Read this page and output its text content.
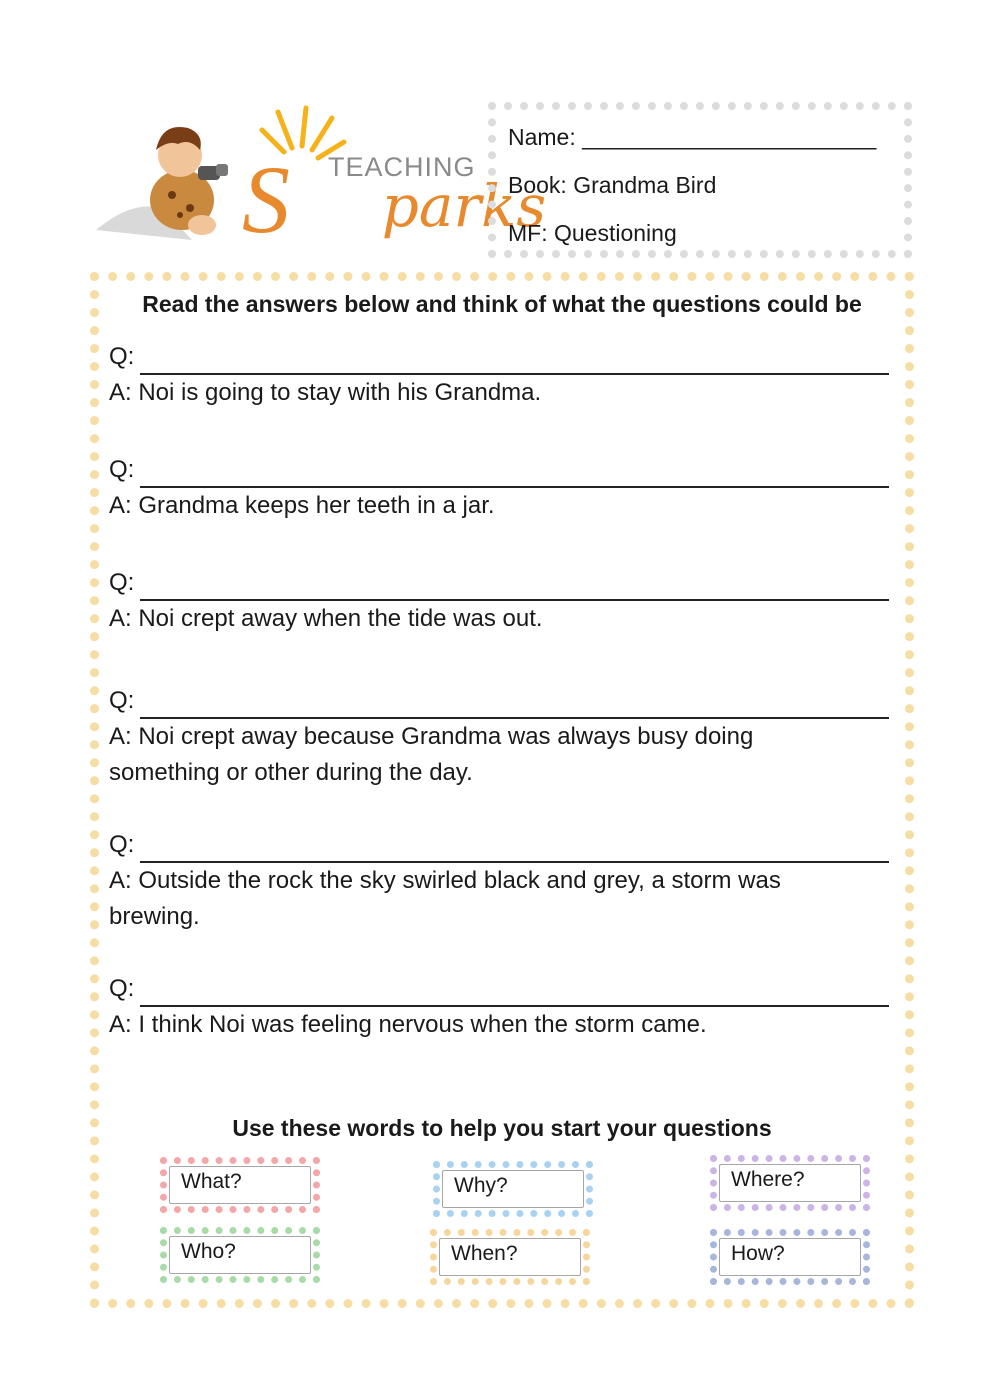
S TEACHING
parks
Name: _______________________
Book: Grandma Bird
MF: Questioning
Read the answers below and think of what the questions could be
Q:
A: Noi is going to stay with his Grandma.
Q:
A: Grandma keeps her teeth in a jar.
Q:
A: Noi crept away when the tide was out.
Q:
A: Noi crept away because Grandma was always busy doing
something or other during the day.
Q:
A: Outside the rock the sky swirled black and grey, a storm was
brewing.
Q:
A: I think Noi was feeling nervous when the storm came.
Use these words to help you start your questions
What?	Why?	Where?
Who?	When?	How?
